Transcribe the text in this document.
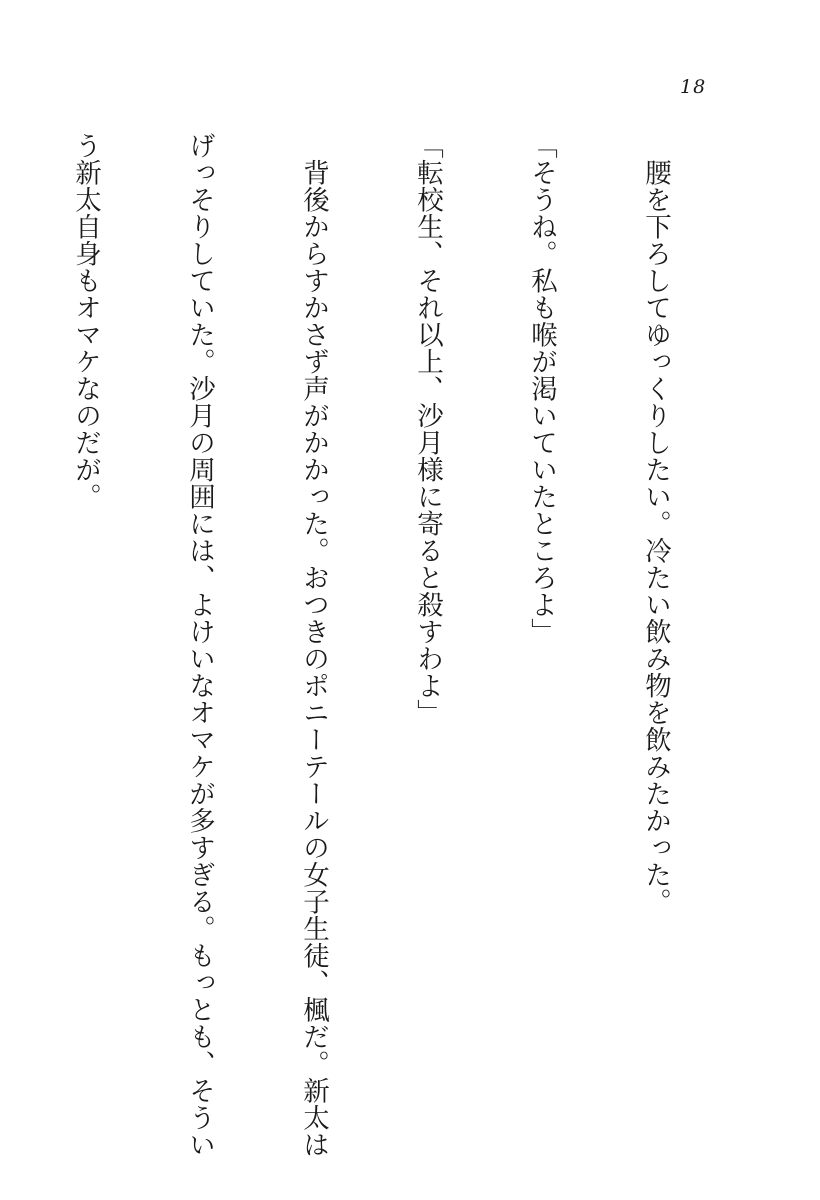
18

　腰を下ろしてゆっくりしたい。冷たい飲み物を飲みたかった。

「そうね。私も喉が渇いていたところよ」

「転校生、それ以上、沙月様に寄ると殺すわよ」

　背後からすかさず声がかかった。おつきのポニーテールの女子生徒、楓だ。新太は

げっそりしていた。沙月の周囲には、よけいなオマケが多すぎる。もっとも、そうい

う新太自身もオマケなのだが。
